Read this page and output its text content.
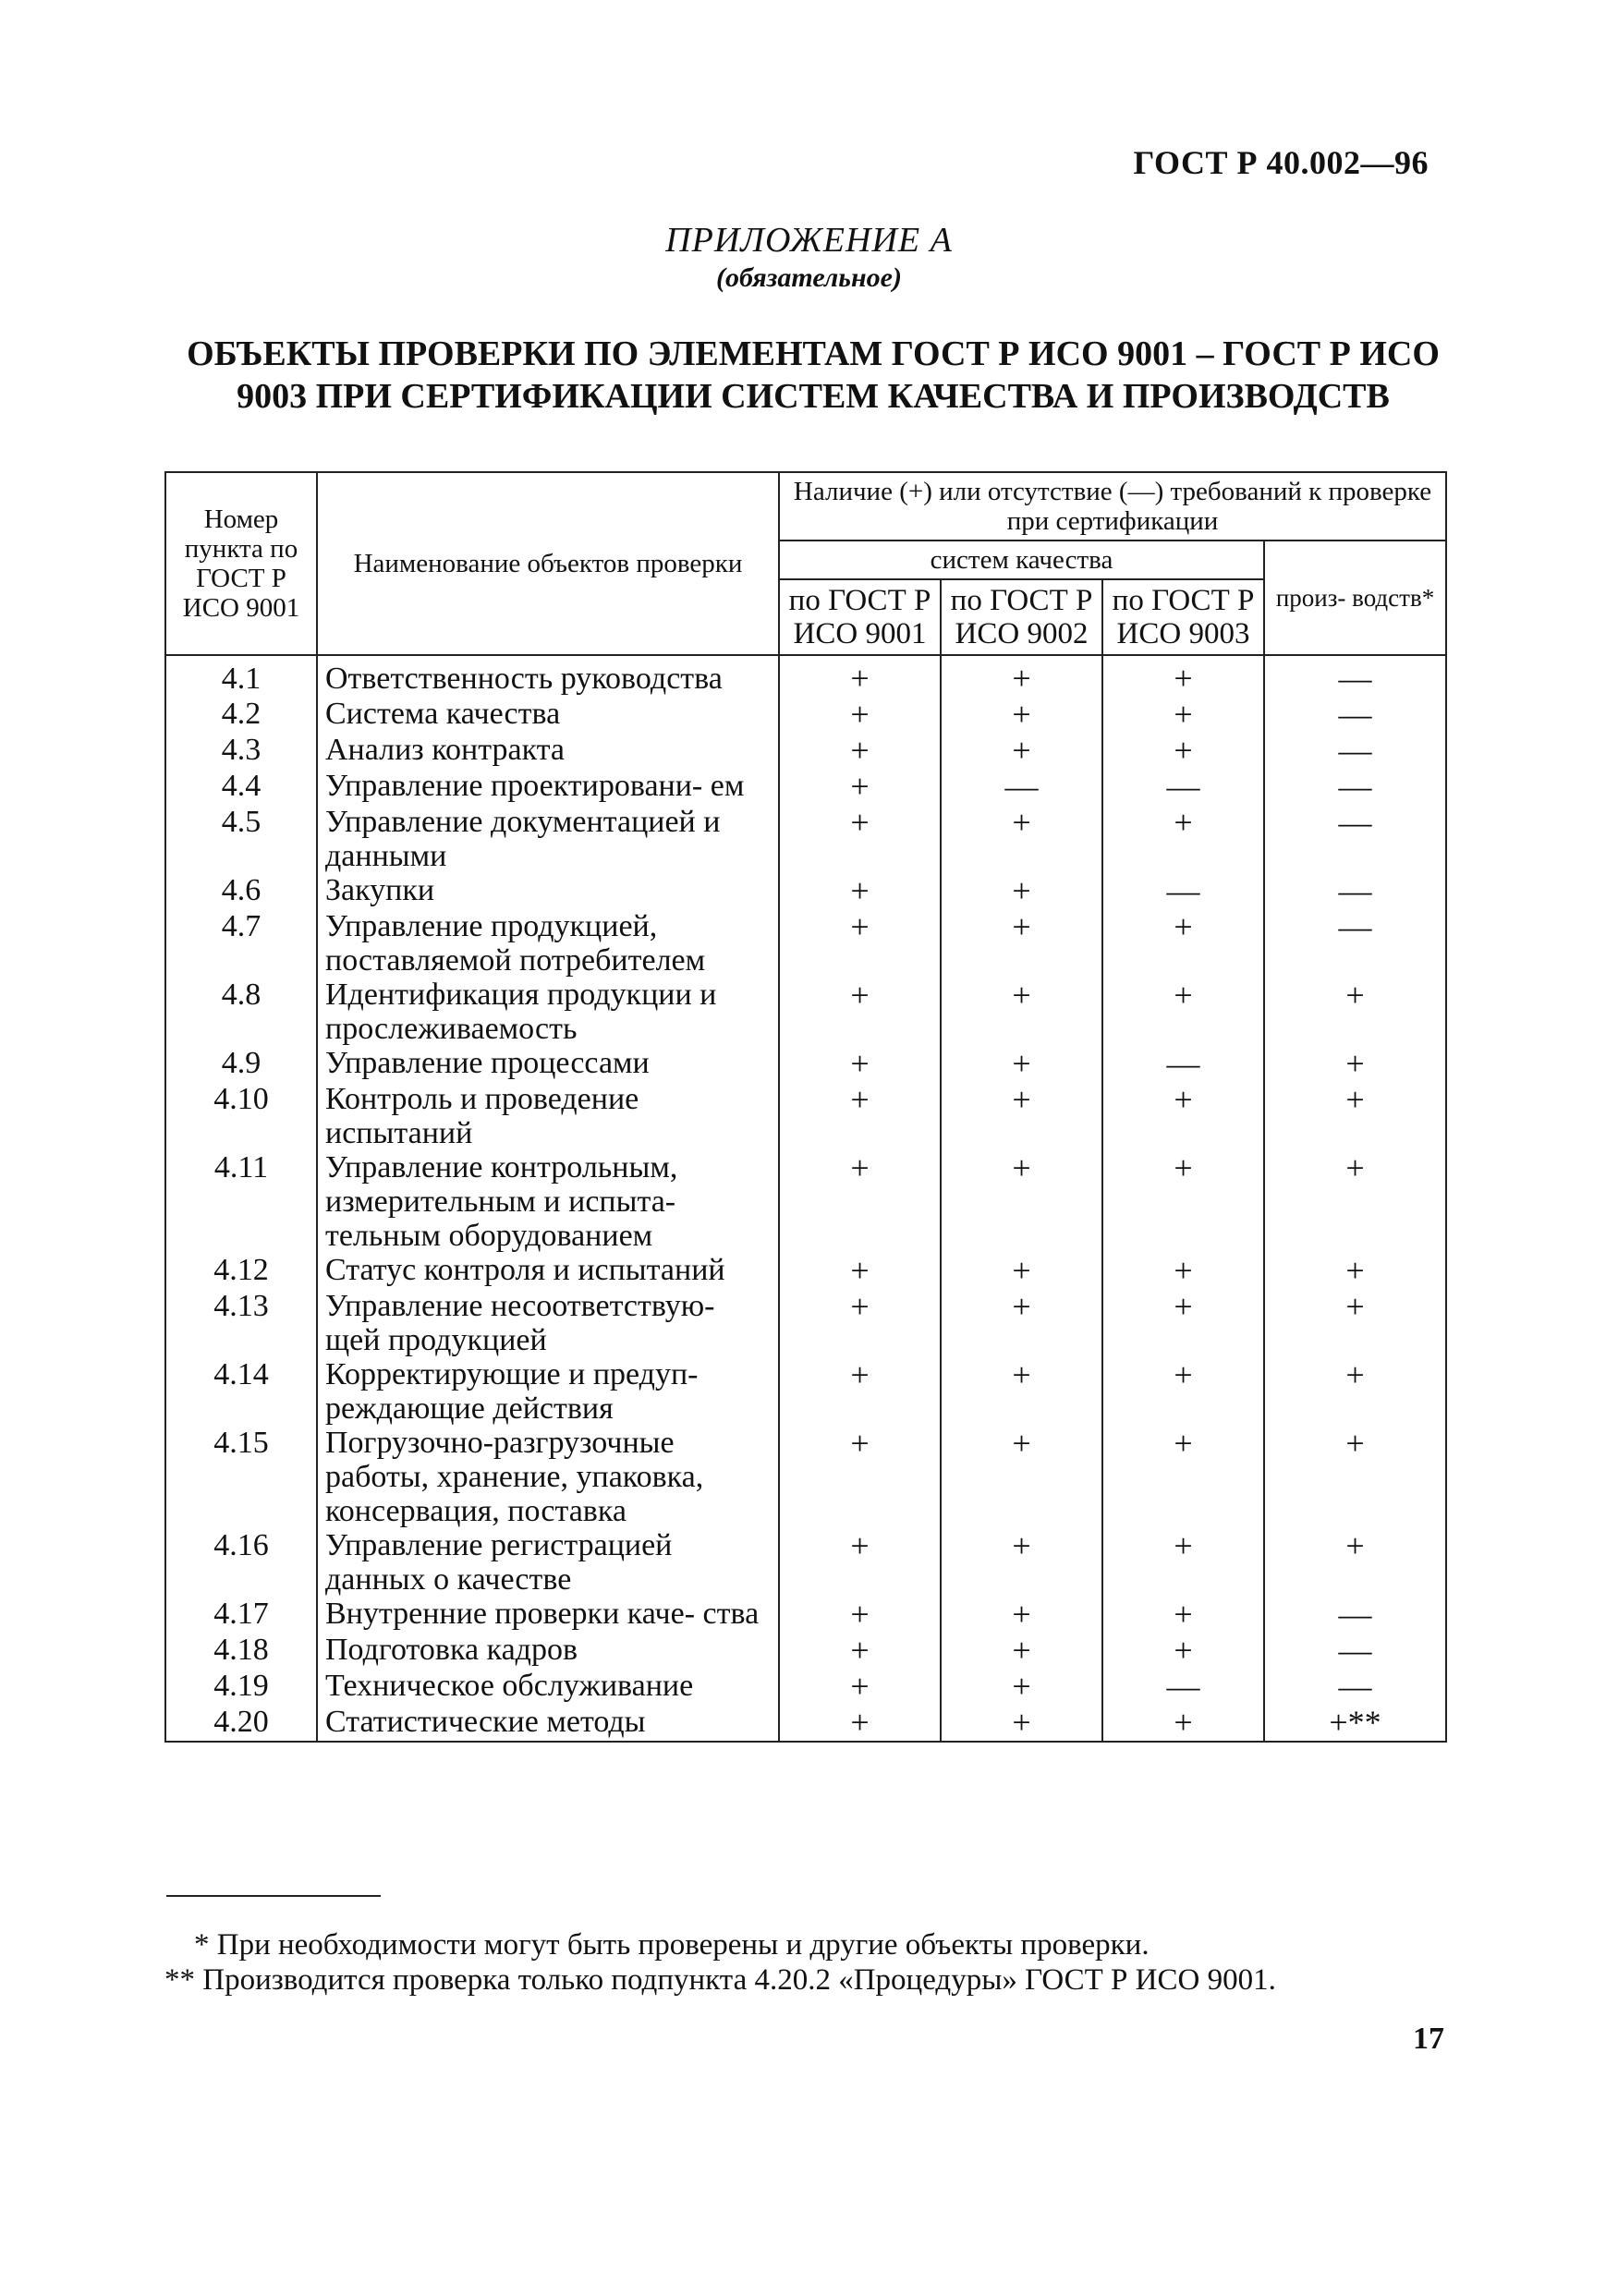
ГОСТ Р 40.002—96
ПРИЛОЖЕНИЕ А
(обязательное)
ОБЪЕКТЫ ПРОВЕРКИ ПО ЭЛЕМЕНТАМ ГОСТ Р ИСО 9001 – ГОСТ Р ИСО
9003 ПРИ СЕРТИФИКАЦИИ СИСТЕМ КАЧЕСТВА И ПРОИЗВОДСТВ
Номер пункта по ГОСТ Р ИСО 9001	Наименование объектов проверки	Наличие (+) или отсутствие (—) требований к проверке при сертификации			
		систем качества			произ- водств*
		по ГОСТ Р ИСО 9001	по ГОСТ Р ИСО 9002	по ГОСТ Р ИСО 9003	
4.1	Ответственность руководства	+	+	+	—
4.2	Система качества	+	+	+	—
4.3	Анализ контракта	+	+	+	—
4.4	Управление проектировани- ем	+	—	—	—
4.5	Управление документацией и данными	+	+	+	—
4.6	Закупки	+	+	—	—
4.7	Управление продукцией, поставляемой потребителем	+	+	+	—
4.8	Идентификация продукции и прослеживаемость	+	+	+	+
4.9	Управление процессами	+	+	—	+
4.10	Контроль и проведение испытаний	+	+	+	+
4.11	Управление контрольным, измерительным и испыта- тельным оборудованием	+	+	+	+
4.12	Статус контроля и испытаний	+	+	+	+
4.13	Управление несоответствую- щей продукцией	+	+	+	+
4.14	Корректирующие и предуп- реждающие действия	+	+	+	+
4.15	Погрузочно-разгрузочные работы, хранение, упаковка, консервация, поставка	+	+	+	+
4.16	Управление регистрацией данных о качестве	+	+	+	+
4.17	Внутренние проверки каче- ства	+	+	+	—
4.18	Подготовка кадров	+	+	+	—
4.19	Техническое обслуживание	+	+	—	—
4.20	Статистические методы	+	+	+	+**
* При необходимости могут быть проверены и другие объекты проверки.
** Производится проверка только подпункта 4.20.2 «Процедуры» ГОСТ Р ИСО 9001.
17
